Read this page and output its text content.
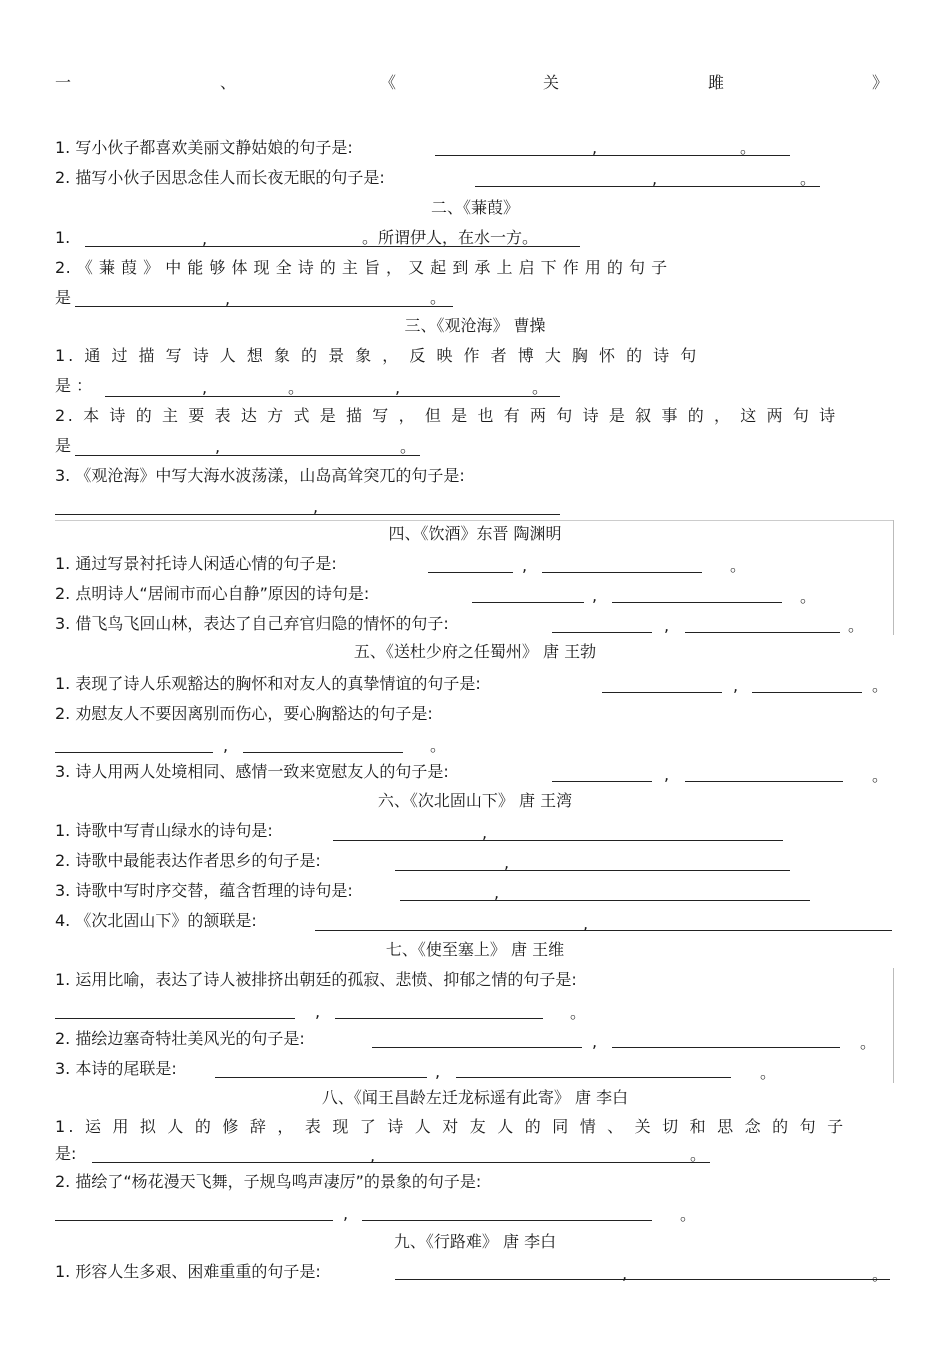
一	、	《	关	雎	》
1. 写小伙子都喜欢美丽文静姑娘的句子是:	,	。
2. 描写小伙子因思念佳人而长夜无眠的句子是:	,	。
二、《蒹葭》
1.	,	。 所谓伊人，在水一方。
2. 《 蒹 葭 》 中 能 够 体 现 全 诗 的 主 旨 ， 又 起 到 承 上 启 下 作 用 的 句 子
是	,	。
三、《观沧海》 曹操
1. 通 过 描 写 诗 人 想 象 的 景 象 ， 反 映 作 者 博 大 胸 怀 的 诗 句
是 ：	,	。	,	。
2. 本 诗 的 主 要 表 达 方 式 是 描 写 ， 但 是 也 有 两 句 诗 是 叙 事 的 ， 这 两 句 诗
是	,	。
3. 《观沧海》中写大海水波荡漾，山岛高耸突兀的句子是:
,
四、《饮酒》东晋 陶渊明
1. 通过写景衬托诗人闲适心情的句子是:	,	。
2. 点明诗人“居闹市而心自静”原因的诗句是:	,	。
3. 借飞鸟飞回山林，表达了自己弃官归隐的情怀的句子:	,	。
五、《送杜少府之任蜀州》 唐 王勃
1. 表现了诗人乐观豁达的胸怀和对友人的真挚情谊的句子是:	,	。
2. 劝慰友人不要因离别而伤心，要心胸豁达的句子是:
,	。
3. 诗人用两人处境相同、感情一致来宽慰友人的句子是:	,	。
六、《次北固山下》 唐 王湾
1. 诗歌中写青山绿水的诗句是:	,
2. 诗歌中最能表达作者思乡的句子是:	,
3. 诗歌中写时序交替，蕴含哲理的诗句是:	,
4. 《次北固山下》的颔联是:	,
七、《使至塞上》 唐 王维
1. 运用比喻，表达了诗人被排挤出朝廷的孤寂、悲愤、抑郁之情的句子是:
,	。
2. 描绘边塞奇特壮美风光的句子是:	,	。
3. 本诗的尾联是:	,	。
八、《闻王昌龄左迁龙标遥有此寄》 唐 李白
1. 运 用 拟 人 的 修 辞 ， 表 现 了 诗 人 对 友 人 的 同 情 、 关 切 和 思 念 的 句 子
是:	,	。
2. 描绘了“杨花漫天飞舞，子规鸟鸣声凄厉”的景象的句子是:
,	。
九、《行路难》 唐 李白
1. 形容人生多艰、困难重重的句子是:	,	。
